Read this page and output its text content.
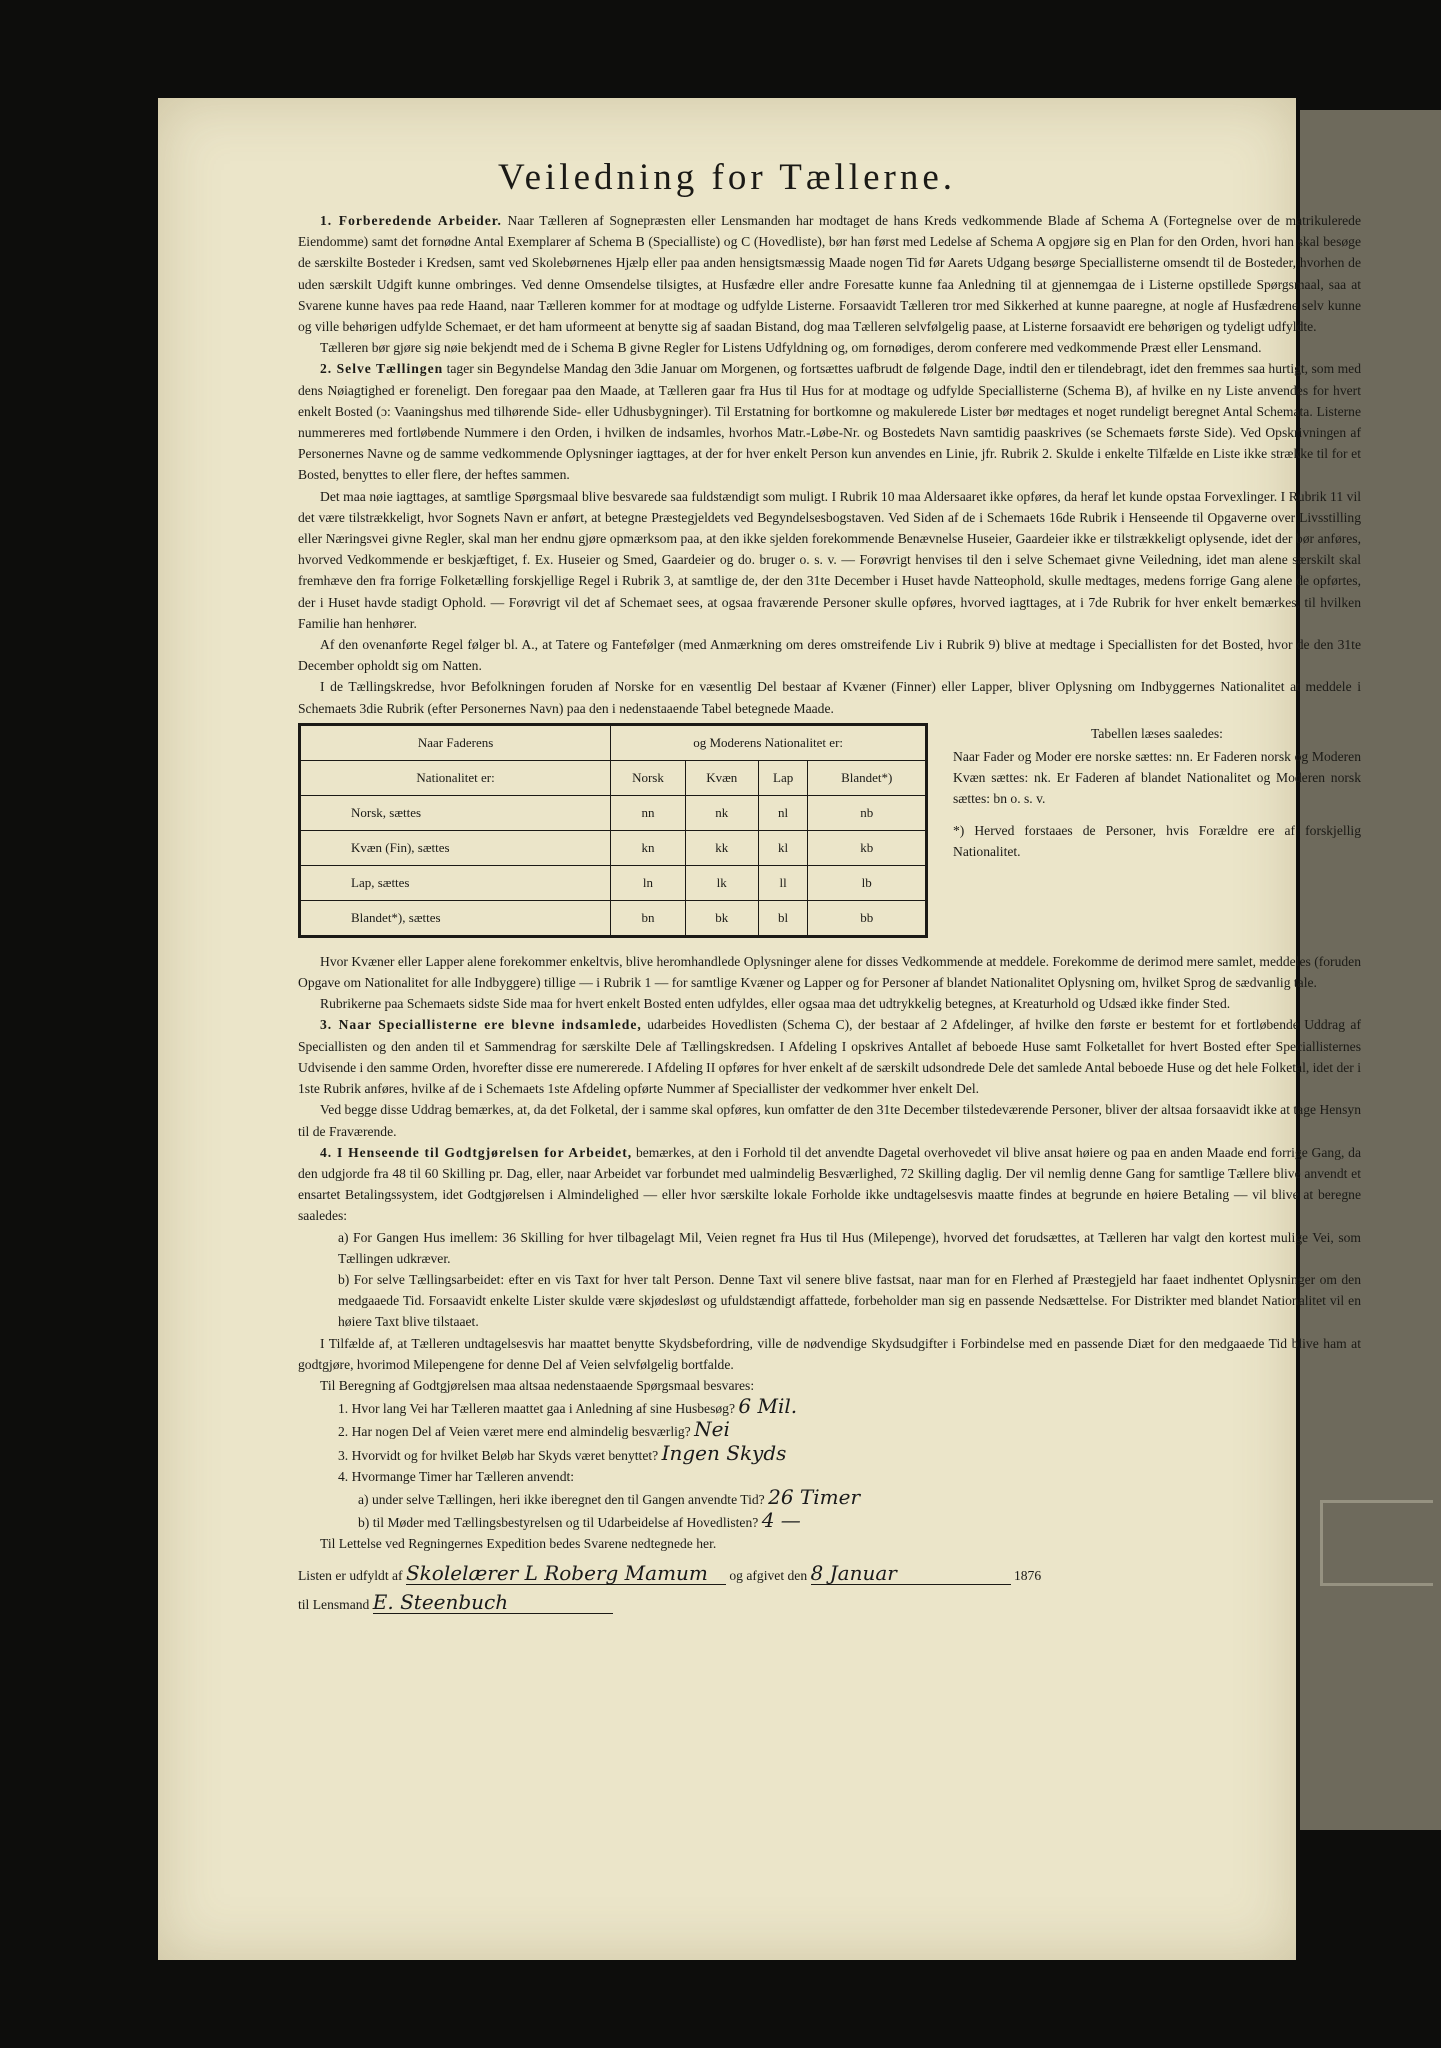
Veiledning for Tællerne.

1. Forberedende Arbeider. Naar Tælleren af Sognepræsten eller Lensmanden har modtaget de hans Kreds vedkommende Blade af Schema A (Fortegnelse over de matrikulerede Eiendomme) samt det fornødne Antal Exemplarer af Schema B (Specialliste) og C (Hovedliste), bør han først med Ledelse af Schema A opgjøre sig en Plan for den Orden, hvori han skal besøge de særskilte Bosteder i Kredsen, samt ved Skolebørnenes Hjælp eller paa anden hensigtsmæssig Maade nogen Tid før Aarets Udgang besørge Speciallisterne omsendt til de Bosteder, hvorhen de uden særskilt Udgift kunne ombringes. Ved denne Omsendelse tilsigtes, at Husfædre eller andre Foresatte kunne faa Anledning til at gjennemgaa de i Listerne opstillede Spørgsmaal, saa at Svarene kunne haves paa rede Haand, naar Tælleren kommer for at modtage og udfylde Listerne. Forsaavidt Tælleren tror med Sikkerhed at kunne paaregne, at nogle af Husfædrene selv kunne og ville behørigen udfylde Schemaet, er det ham uformeent at benytte sig af saadan Bistand, dog maa Tælleren selvfølgelig paase, at Listerne forsaavidt ere behørigen og tydeligt udfyldte.

Tælleren bør gjøre sig nøie bekjendt med de i Schema B givne Regler for Listens Udfyldning og, om fornødiges, derom conferere med vedkommende Præst eller Lensmand.

2. Selve Tællingen tager sin Begyndelse Mandag den 3die Januar om Morgenen, og fortsættes uafbrudt de følgende Dage, indtil den er tilendebragt, idet den fremmes saa hurtigt, som med dens Nøiagtighed er foreneligt. Den foregaar paa den Maade, at Tælleren gaar fra Hus til Hus for at modtage og udfylde Speciallisterne (Schema B), af hvilke en ny Liste anvendes for hvert enkelt Bosted (ɔ: Vaaningshus med tilhørende Side- eller Udhusbygninger). Til Erstatning for bortkomne og makulerede Lister bør medtages et noget rundeligt beregnet Antal Schemata. Listerne nummereres med fortløbende Nummere i den Orden, i hvilken de indsamles, hvorhos Matr.-Løbe-Nr. og Bostedets Navn samtidig paaskrives (se Schemaets første Side). Ved Opskrivningen af Personernes Navne og de samme vedkommende Oplysninger iagttages, at der for hver enkelt Person kun anvendes en Linie, jfr. Rubrik 2. Skulde i enkelte Tilfælde en Liste ikke strække til for et Bosted, benyttes to eller flere, der heftes sammen.

Det maa nøie iagttages, at samtlige Spørgsmaal blive besvarede saa fuldstændigt som muligt. I Rubrik 10 maa Aldersaaret ikke opføres, da heraf let kunde opstaa Forvexlinger. I Rubrik 11 vil det være tilstrækkeligt, hvor Sognets Navn er anført, at betegne Præstegjeldets ved Begyndelsesbogstaven. Ved Siden af de i Schemaets 16de Rubrik i Henseende til Opgaverne over Livsstilling eller Næringsvei givne Regler, skal man her endnu gjøre opmærksom paa, at den ikke sjelden forekommende Benævnelse Huseier, Gaardeier ikke er tilstrækkeligt oplysende, idet der bør anføres, hvorved Vedkommende er beskjæftiget, f. Ex. Huseier og Smed, Gaardeier og do. bruger o. s. v. — Forøvrigt henvises til den i selve Schemaet givne Veiledning, idet man alene særskilt skal fremhæve den fra forrige Folketælling forskjellige Regel i Rubrik 3, at samtlige de, der den 31te December i Huset havde Natteophold, skulle medtages, medens forrige Gang alene de opførtes, der i Huset havde stadigt Ophold. — Forøvrigt vil det af Schemaet sees, at ogsaa fraværende Personer skulle opføres, hvorved iagttages, at i 7de Rubrik for hver enkelt bemærkes, til hvilken Familie han henhører.

Af den ovenanførte Regel følger bl. A., at Tatere og Fantefølger (med Anmærkning om deres omstreifende Liv i Rubrik 9) blive at medtage i Speciallisten for det Bosted, hvor de den 31te December opholdt sig om Natten.

I de Tællingskredse, hvor Befolkningen foruden af Norske for en væsentlig Del bestaar af Kvæner (Finner) eller Lapper, bliver Oplysning om Indbyggernes Nationalitet at meddele i Schemaets 3die Rubrik (efter Personernes Navn) paa den i nedenstaaende Tabel betegnede Maade.

Naar Faderens	og Moderens Nationalitet er:			
Nationalitet er:	Norsk	Kvæn	Lap	Blandet*)
Norsk, sættes	nn	nk	nl	nb
Kvæn (Fin), sættes	kn	kk	kl	kb
Lap, sættes	ln	lk	ll	lb
Blandet*), sættes	bn	bk	bl	bb
Tabellen læses saaledes:
Naar Fader og Moder ere norske sættes: nn. Er Faderen norsk og Moderen Kvæn sættes: nk. Er Faderen af blandet Nationalitet og Moderen norsk sættes: bn o. s. v.
*) Herved forstaaes de Personer, hvis Forældre ere af forskjellig Nationalitet.

Hvor Kvæner eller Lapper alene forekommer enkeltvis, blive heromhandlede Oplysninger alene for disses Vedkommende at meddele. Forekomme de derimod mere samlet, meddeles (foruden Opgave om Nationalitet for alle Indbyggere) tillige — i Rubrik 1 — for samtlige Kvæner og Lapper og for Personer af blandet Nationalitet Oplysning om, hvilket Sprog de sædvanlig tale.

Rubrikerne paa Schemaets sidste Side maa for hvert enkelt Bosted enten udfyldes, eller ogsaa maa det udtrykkelig betegnes, at Kreaturhold og Udsæd ikke finder Sted.

3. Naar Speciallisterne ere blevne indsamlede, udarbeides Hovedlisten (Schema C), der bestaar af 2 Afdelinger, af hvilke den første er bestemt for et fortløbende Uddrag af Speciallisten og den anden til et Sammendrag for særskilte Dele af Tællingskredsen. I Afdeling I opskrives Antallet af beboede Huse samt Folketallet for hvert Bosted efter Speciallisternes Udvisende i den samme Orden, hvorefter disse ere numererede. I Afdeling II opføres for hver enkelt af de særskilt udsondrede Dele det samlede Antal beboede Huse og det hele Folketal, idet der i 1ste Rubrik anføres, hvilke af de i Schemaets 1ste Afdeling opførte Nummer af Speciallister der vedkommer hver enkelt Del.

Ved begge disse Uddrag bemærkes, at, da det Folketal, der i samme skal opføres, kun omfatter de den 31te December tilstedeværende Personer, bliver der altsaa forsaavidt ikke at tage Hensyn til de Fraværende.

4. I Henseende til Godtgjørelsen for Arbeidet, bemærkes, at den i Forhold til det anvendte Dagetal overhovedet vil blive ansat høiere og paa en anden Maade end forrige Gang, da den udgjorde fra 48 til 60 Skilling pr. Dag, eller, naar Arbeidet var forbundet med ualmindelig Besværlighed, 72 Skilling daglig. Der vil nemlig denne Gang for samtlige Tællere blive anvendt et ensartet Betalingssystem, idet Godtgjørelsen i Almindelighed — eller hvor særskilte lokale Forholde ikke undtagelsesvis maatte findes at begrunde en høiere Betaling — vil blive at beregne saaledes:

a) For Gangen Hus imellem: 36 Skilling for hver tilbagelagt Mil, Veien regnet fra Hus til Hus (Milepenge), hvorved det forudsættes, at Tælleren har valgt den kortest mulige Vei, som Tællingen udkræver.

b) For selve Tællingsarbeidet: efter en vis Taxt for hver talt Person. Denne Taxt vil senere blive fastsat, naar man for en Flerhed af Præstegjeld har faaet indhentet Oplysninger om den medgaaede Tid. Forsaavidt enkelte Lister skulde være skjødesløst og ufuldstændigt affattede, forbeholder man sig en passende Nedsættelse. For Distrikter med blandet Nationalitet vil en høiere Taxt blive tilstaaet.

I Tilfælde af, at Tælleren undtagelsesvis har maattet benytte Skydsbefordring, ville de nødvendige Skydsudgifter i Forbindelse med en passende Diæt for den medgaaede Tid blive ham at godtgjøre, hvorimod Milepengene for denne Del af Veien selvfølgelig bortfalde.

Til Beregning af Godtgjørelsen maa altsaa nedenstaaende Spørgsmaal besvares:

1. Hvor lang Vei har Tælleren maattet gaa i Anledning af sine Husbesøg? 6 Mil.

2. Har nogen Del af Veien været mere end almindelig besværlig? Nei

3. Hvorvidt og for hvilket Beløb har Skyds været benyttet? Ingen Skyds

4. Hvormange Timer har Tælleren anvendt:

a) under selve Tællingen, heri ikke iberegnet den til Gangen anvendte Tid? 26 Timer

b) til Møder med Tællingsbestyrelsen og til Udarbeidelse af Hovedlisten? 4 —

Til Lettelse ved Regningernes Expedition bedes Svarene nedtegnede her.

Listen er udfyldt af Skolelærer L Roberg Mamum og afgivet den 8 Januar	1876

til Lensmand E. Steenbuch
